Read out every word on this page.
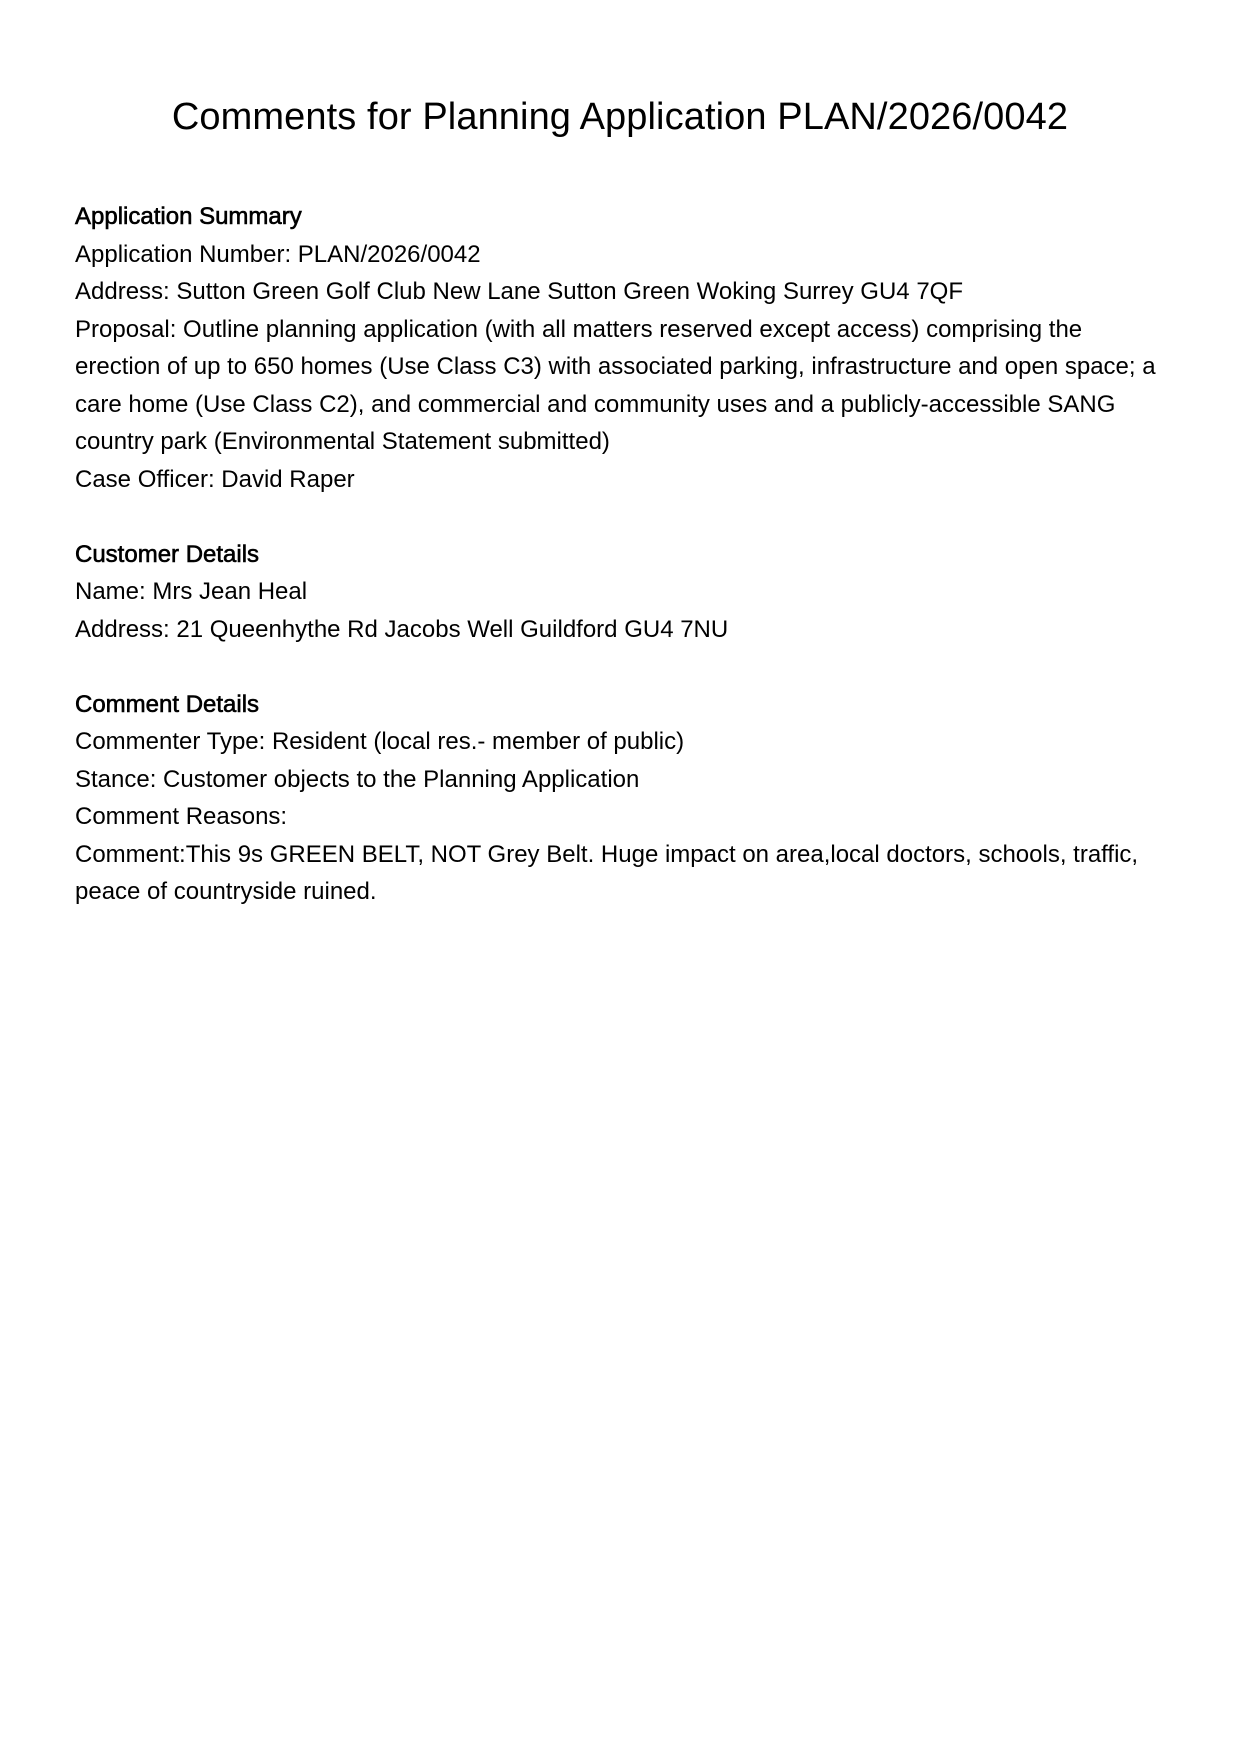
Comments for Planning Application PLAN/2026/0042
Application Summary

Application Number: PLAN/2026/0042

Address: Sutton Green Golf Club New Lane Sutton Green Woking Surrey GU4 7QF

Proposal: Outline planning application (with all matters reserved except access) comprising the erection of up to 650 homes (Use Class C3) with associated parking, infrastructure and open space; a care home (Use Class C2), and commercial and community uses and a publicly-accessible SANG country park (Environmental Statement submitted)

Case Officer: David Raper

Customer Details

Name: Mrs Jean Heal

Address: 21 Queenhythe Rd Jacobs Well Guildford GU4 7NU

Comment Details

Commenter Type: Resident (local res.- member of public)

Stance: Customer objects to the Planning Application

Comment Reasons:

Comment:This 9s GREEN BELT, NOT Grey Belt. Huge impact on area,local doctors, schools, traffic, peace of countryside ruined.
